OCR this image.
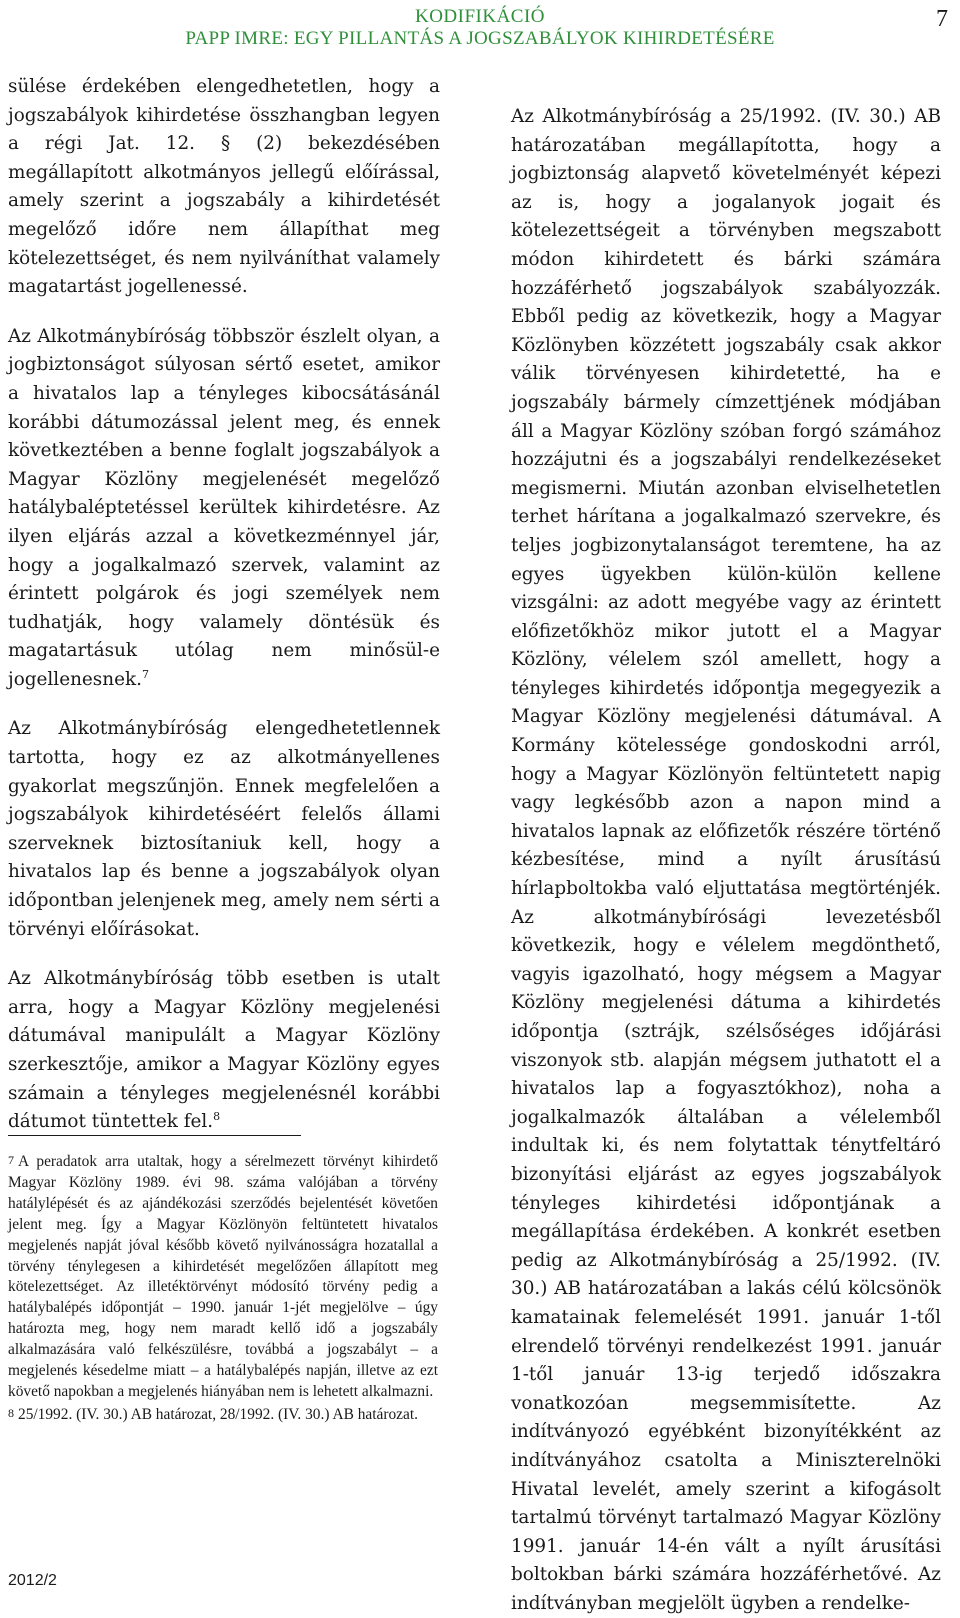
KODIFIKÁCIÓ
PAPP IMRE: EGY PILLANTÁS A JOGSZABÁLYOK KIHIRDETÉSÉRE
7

sülése érdekében elengedhetetlen, hogy a jogszabályok kihirdetése összhangban legyen a régi Jat. 12. § (2) bekezdésében megállapított alkotmányos jellegű előírással, amely szerint a jogszabály a kihirdetését megelőző időre nem állapíthat meg kötelezettséget, és nem nyilváníthat valamely magatartást jogellenessé.

Az Alkotmánybíróság többször észlelt olyan, a jogbiztonságot súlyosan sértő esetet, amikor a hivatalos lap a tényleges kibocsátásánál korábbi dátumozással jelent meg, és ennek következtében a benne foglalt jogszabályok a Magyar Közlöny megjelenését megelőző hatálybaléptetéssel kerültek kihirdetésre. Az ilyen eljárás azzal a következménnyel jár, hogy a jogalkalmazó szervek, valamint az érintett polgárok és jogi személyek nem tudhatják, hogy valamely döntésük és magatartásuk utólag nem minősül-e jogellenesnek.$^7$

Az Alkotmánybíróság elengedhetetlennek tartotta, hogy ez az alkotmányellenes gyakorlat megszűnjön. Ennek megfelelően a jogszabályok kihirdetéséért felelős állami szerveknek biztosítaniuk kell, hogy a hivatalos lap és benne a jogszabályok olyan időpontban jelenjenek meg, amely nem sérti a törvényi előírásokat.

Az Alkotmánybíróság több esetben is utalt arra, hogy a Magyar Közlöny megjelenési dátumával manipulált a Magyar Közlöny szerkesztője, amikor a Magyar Közlöny egyes számain a tényleges megjelenésnél korábbi dátumot tüntettek fel.$^8$

7 A peradatok arra utaltak, hogy a sérelmezett törvényt kihirdető Magyar Közlöny 1989. évi 98. száma valójában a törvény hatálylépését és az ajándékozási szerződés bejelentését követően jelent meg. Így a Magyar Közlönyön feltüntetett hivatalos megjelenés napját jóval később követő nyilvánosságra hozatallal a törvény ténylegesen a kihirdetését megelőzően állapított meg kötelezettséget. Az illetéktörvényt módosító törvény pedig a hatálybalépés időpontját – 1990. január 1-jét megjelölve – úgy határozta meg, hogy nem maradt kellő idő a jogszabály alkalmazására való felkészülésre, továbbá a jogszabályt – a megjelenés késedelme miatt – a hatálybalépés napján, illetve az ezt követő napokban a megjelenés hiányában nem is lehetett alkalmazni.

8 25/1992. (IV. 30.) AB határozat, 28/1992. (IV. 30.) AB határozat.

Az Alkotmánybíróság a 25/1992. (IV. 30.) AB határozatában megállapította, hogy a jogbiztonság alapvető követelményét képezi az is, hogy a jogalanyok jogait és kötelezettségeit a törvényben megszabott módon kihirdetett és bárki számára hozzáférhető jogszabályok szabályozzák. Ebből pedig az következik, hogy a Magyar Közlönyben közzétett jogszabály csak akkor válik törvényesen kihirdetetté, ha e jogszabály bármely címzettjének módjában áll a Magyar Közlöny szóban forgó számához hozzájutni és a jogszabályi rendelkezéseket megismerni. Miután azonban elviselhetetlen terhet hárítana a jogalkalmazó szervekre, és teljes jogbizonytalanságot teremtene, ha az egyes ügyekben külön-külön kellene vizsgálni: az adott megyébe vagy az érintett előfizetőkhöz mikor jutott el a Magyar Közlöny, vélelem szól amellett, hogy a tényleges kihirdetés időpontja megegyezik a Magyar Közlöny megjelenési dátumával. A Kormány kötelessége gondoskodni arról, hogy a Magyar Közlönyön feltüntetett napig vagy legkésőbb azon a napon mind a hivatalos lapnak az előfizetők részére történő kézbesítése, mind a nyílt árusítású hírlapboltokba való eljuttatása megtörténjék. Az alkotmánybírósági levezetésből következik, hogy e vélelem megdönthető, vagyis igazolható, hogy mégsem a Magyar Közlöny megjelenési dátuma a kihirdetés időpontja (sztrájk, szélsőséges időjárási viszonyok stb. alapján mégsem juthatott el a hivatalos lap a fogyasztókhoz), noha a jogalkalmazók általában a vélelemből indultak ki, és nem folytattak ténytfeltáró bizonyítási eljárást az egyes jogszabályok tényleges kihirdetési időpontjának a megállapítása érdekében. A konkrét esetben pedig az Alkotmánybíróság a 25/1992. (IV. 30.) AB határozatában a lakás célú kölcsönök kamatainak felemelését 1991. január 1-től elrendelő törvényi rendelkezést 1991. január 1-től január 13-ig terjedő időszakra vonatkozóan megsemmisítette. Az indítványozó egyébként bizonyítékként az indítványához csatolta a Miniszterelnöki Hivatal levelét, amely szerint a kifogásolt tartalmú törvényt tartalmazó Magyar Közlöny 1991. január 14-én vált a nyílt árusítási boltokban bárki számára hozzáférhetővé. Az indítványban megjelölt ügyben a rendelke-

2012/2
